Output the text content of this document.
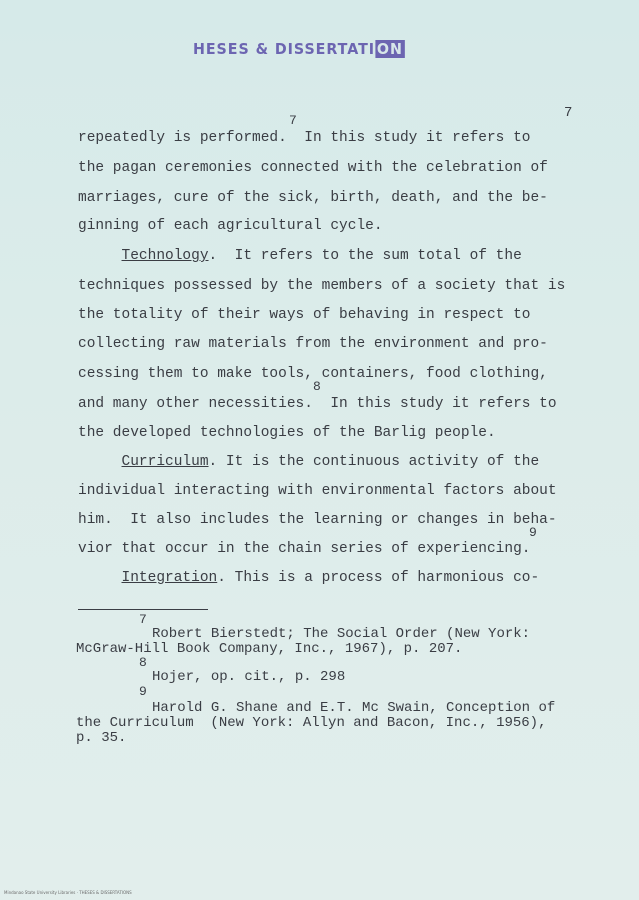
HESES & DISSERTATI ON
7
repeatedly is performed.  In this study it refers to
7
the pagan ceremonies connected with the celebration of
marriages, cure of the sick, birth, death, and the be-
ginning of each agricultural cycle.
Technology.  It refers to the sum total of the
techniques possessed by the members of a society that is
the totality of their ways of behaving in respect to
collecting raw materials from the environment and pro-
cessing them to make tools, containers, food clothing,
8
and many other necessities.  In this study it refers to
the developed technologies of the Barlig people.
Curriculum. It is the continuous activity of the
individual interacting with environmental factors about
him.  It also includes the learning or changes in beha-
9
vior that occur in the chain series of experiencing.
Integration. This is a process of harmonious co-
7
Robert Bierstedt; The Social Order (New York:
McGraw-Hill Book Company, Inc., 1967), p. 207.
8
Hojer, op. cit., p. 298
9
Harold G. Shane and E.T. Mc Swain, Conception of
the Curriculum  (New York: Allyn and Bacon, Inc., 1956),
p. 35.
Mindanao State University Libraries · THESES & DISSERTATIONS
